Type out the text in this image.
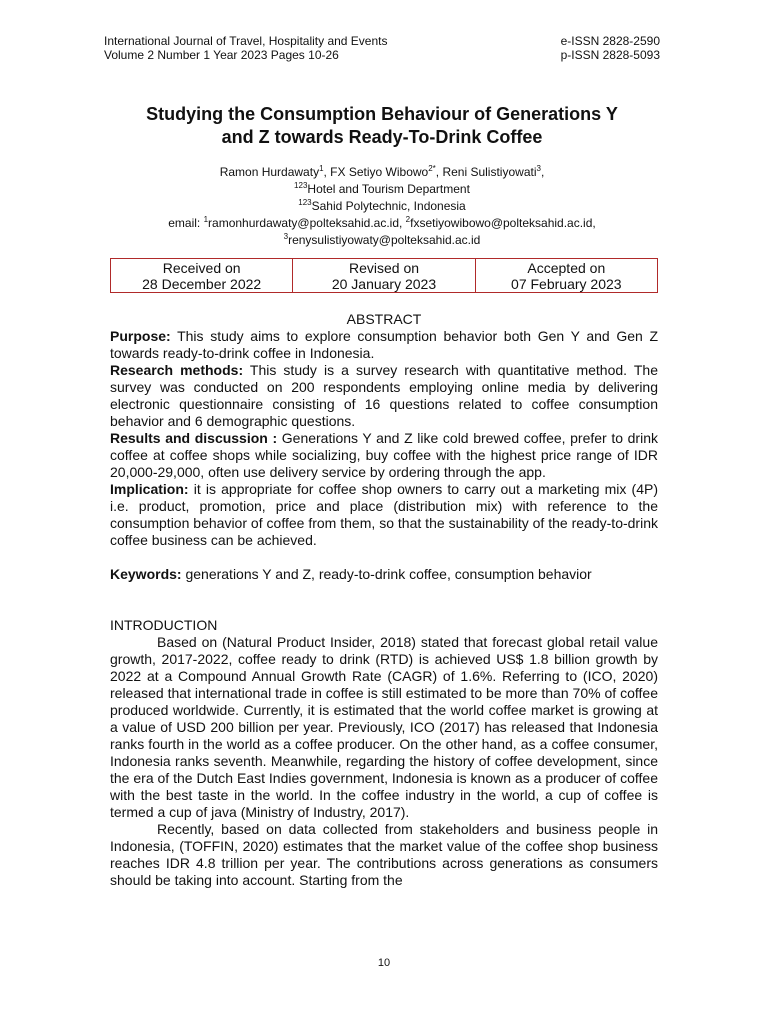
International Journal of Travel, Hospitality and Events	e-ISSN 2828-2590
Volume 2 Number 1 Year 2023 Pages 10-26	p-ISSN 2828-5093
Studying the Consumption Behaviour of Generations Y
and Z towards Ready-To-Drink Coffee
Ramon Hurdawaty$^1$, FX Setiyo Wibowo$^{2*}$, Reni Sulistiyowati$^3$,
$^{123}$Hotel and Tourism Department
$^{123}$Sahid Polytechnic, Indonesia
email: $^1$ramonhurdawaty@polteksahid.ac.id, $^2$fxsetiyowibowo@polteksahid.ac.id,
$^3$renysulistiyowaty@polteksahid.ac.id
Received on
28 December 2022
Revised on
20 January 2023
Accepted on
07 February 2023

ABSTRACT

Purpose: This study aims to explore consumption behavior both Gen Y and Gen Z towards ready-to-drink coffee in Indonesia.

Research methods: This study is a survey research with quantitative method. The survey was conducted on 200 respondents employing online media by delivering electronic questionnaire consisting of 16 questions related to coffee consumption behavior and 6 demographic questions.

Results and discussion : Generations Y and Z like cold brewed coffee, prefer to drink coffee at coffee shops while socializing, buy coffee with the highest price range of IDR 20,000-29,000, often use delivery service by ordering through the app.

Implication: it is appropriate for coffee shop owners to carry out a marketing mix (4P) i.e. product, promotion, price and place (distribution mix) with reference to the consumption behavior of coffee from them, so that the sustainability of the ready-to-drink coffee business can be achieved.

Keywords: generations Y and Z, ready-to-drink coffee, consumption behavior

INTRODUCTION

Based on (Natural Product Insider, 2018) stated that forecast global retail value growth, 2017-2022, coffee ready to drink (RTD) is achieved US$ 1.8 billion growth by 2022 at a Compound Annual Growth Rate (CAGR) of 1.6%. Referring to (ICO, 2020) released that international trade in coffee is still estimated to be more than 70% of coffee produced worldwide. Currently, it is estimated that the world coffee market is growing at a value of USD 200 billion per year. Previously, ICO (2017) has released that Indonesia ranks fourth in the world as a coffee producer. On the other hand, as a coffee consumer, Indonesia ranks seventh. Meanwhile, regarding the history of coffee development, since the era of the Dutch East Indies government, Indonesia is known as a producer of coffee with the best taste in the world. In the coffee industry in the world, a cup of coffee is termed a cup of java (Ministry of Industry, 2017).

Recently, based on data collected from stakeholders and business people in Indonesia, (TOFFIN, 2020) estimates that the market value of the coffee shop business reaches IDR 4.8 trillion per year. The contributions across generations as consumers should be taking into account. Starting from the

10
